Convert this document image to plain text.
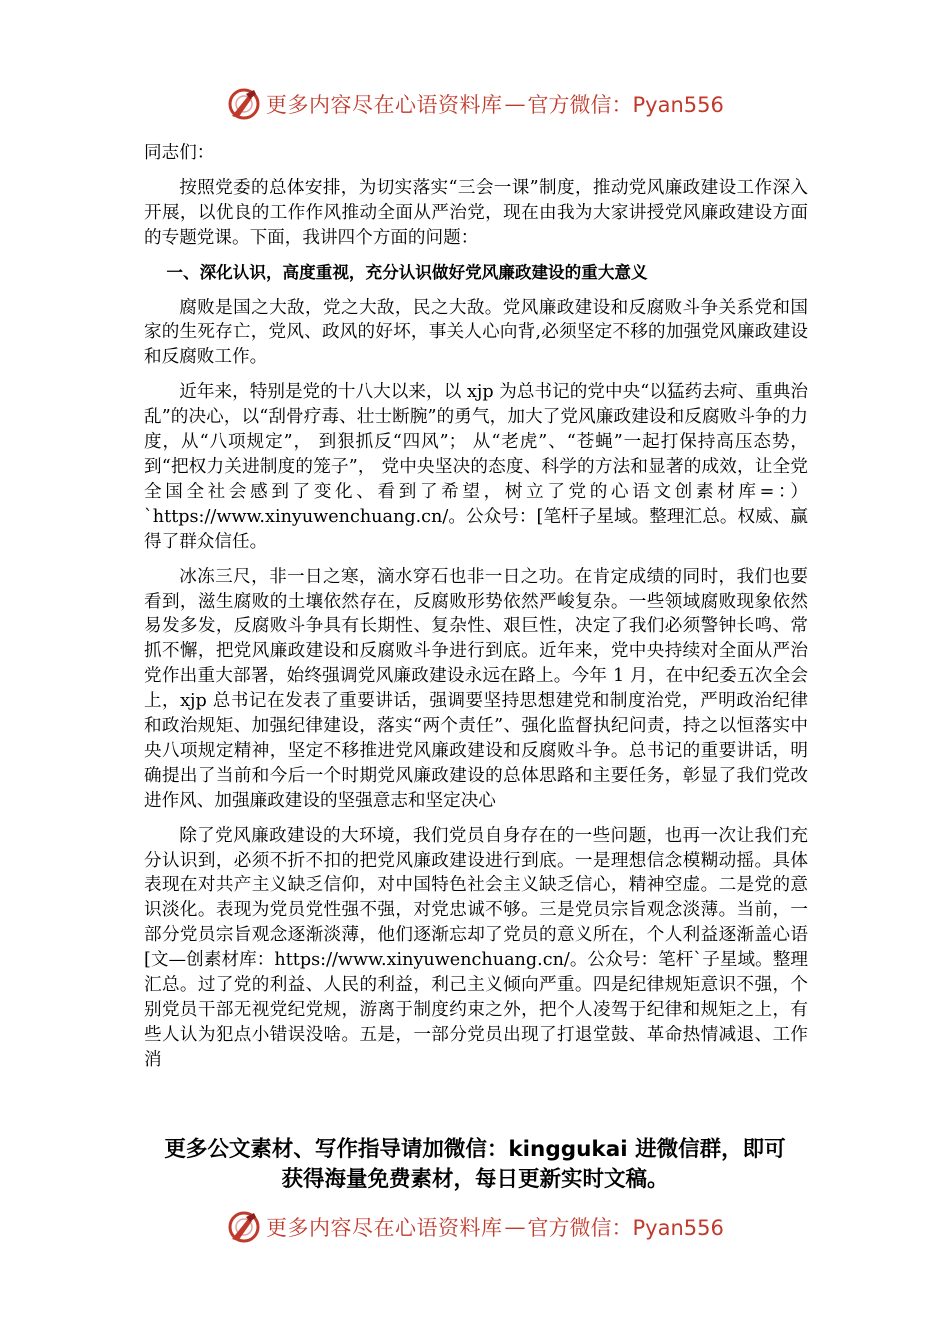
更多内容尽在心语资料库 — 官方微信：Pyan556

同志们：

按照党委的总体安排，为切实落实“三会一课”制度，推动党风廉政建设工作深入开展，以优良的工作作风推动全面从严治党，现在由我为大家讲授党风廉政建设方面的专题党课。下面，我讲四个方面的问题：

一、深化认识，高度重视，充分认识做好党风廉政建设的重大意义

腐败是国之大敌，党之大敌，民之大敌。党风廉政建设和反腐败斗争关系党和国家的生死存亡，党风、政风的好坏，事关人心向背,必须坚定不移的加强党风廉政建设和反腐败工作。

近年来，特别是党的十八大以来，以 xjp 为总书记的党中央“以猛药去疴、重典治乱”的决心，以“刮骨疗毒、壮士断腕”的勇气，加大了党风廉政建设和反腐败斗争的力度，从“八项规定”， 到狠抓反“四风”； 从“老虎”、“苍蝇”一起打保持高压态势，到“把权力关进制度的笼子”， 党中央坚决的态度、科学的方法和显著的成效，让全党全国全社会感到了变化、看到了希望，树立了党的心语文创素材库=：）`https://www.xinyuwenchuang.cn/。公众号：[笔杆子星域。整理汇总。权威、赢得了群众信任。

冰冻三尺，非一日之寒，滴水穿石也非一日之功。在肯定成绩的同时，我们也要看到，滋生腐败的土壤依然存在，反腐败形势依然严峻复杂。一些领域腐败现象依然易发多发，反腐败斗争具有长期性、复杂性、艰巨性，决定了我们必须警钟长鸣、常抓不懈，把党风廉政建设和反腐败斗争进行到底。近年来，党中央持续对全面从严治党作出重大部署，始终强调党风廉政建设永远在路上。今年 1 月，在中纪委五次全会上，xjp 总书记在发表了重要讲话，强调要坚持思想建党和制度治党，严明政治纪律和政治规矩、加强纪律建设，落实“两个责任”、强化监督执纪问责，持之以恒落实中央八项规定精神，坚定不移推进党风廉政建设和反腐败斗争。总书记的重要讲话，明确提出了当前和今后一个时期党风廉政建设的总体思路和主要任务，彰显了我们党改进作风、加强廉政建设的坚强意志和坚定决心

除了党风廉政建设的大环境，我们党员自身存在的一些问题，也再一次让我们充分认识到，必须不折不扣的把党风廉政建设进行到底。一是理想信念模糊动摇。具体表现在对共产主义缺乏信仰，对中国特色社会主义缺乏信心，精神空虚。二是党的意识淡化。表现为党员党性强不强，对党忠诚不够。三是党员宗旨观念淡薄。当前，一部分党员宗旨观念逐渐淡薄，他们逐渐忘却了党员的意义所在，个人利益逐渐盖心语[文—创素材库：https://www.xinyuwenchuang.cn/。公众号：笔杆`子星域。整理汇总。过了党的利益、人民的利益，利己主义倾向严重。四是纪律规矩意识不强，个别党员干部无视党纪党规，游离于制度约束之外，把个人凌驾于纪律和规矩之上，有些人认为犯点小错误没啥。五是，一部分党员出现了打退堂鼓、革命热情减退、工作消

更多公文素材、写作指导请加微信：kinggukai 进微信群，即可
获得海量免费素材，每日更新实时文稿。
更多内容尽在心语资料库 — 官方微信：Pyan556
